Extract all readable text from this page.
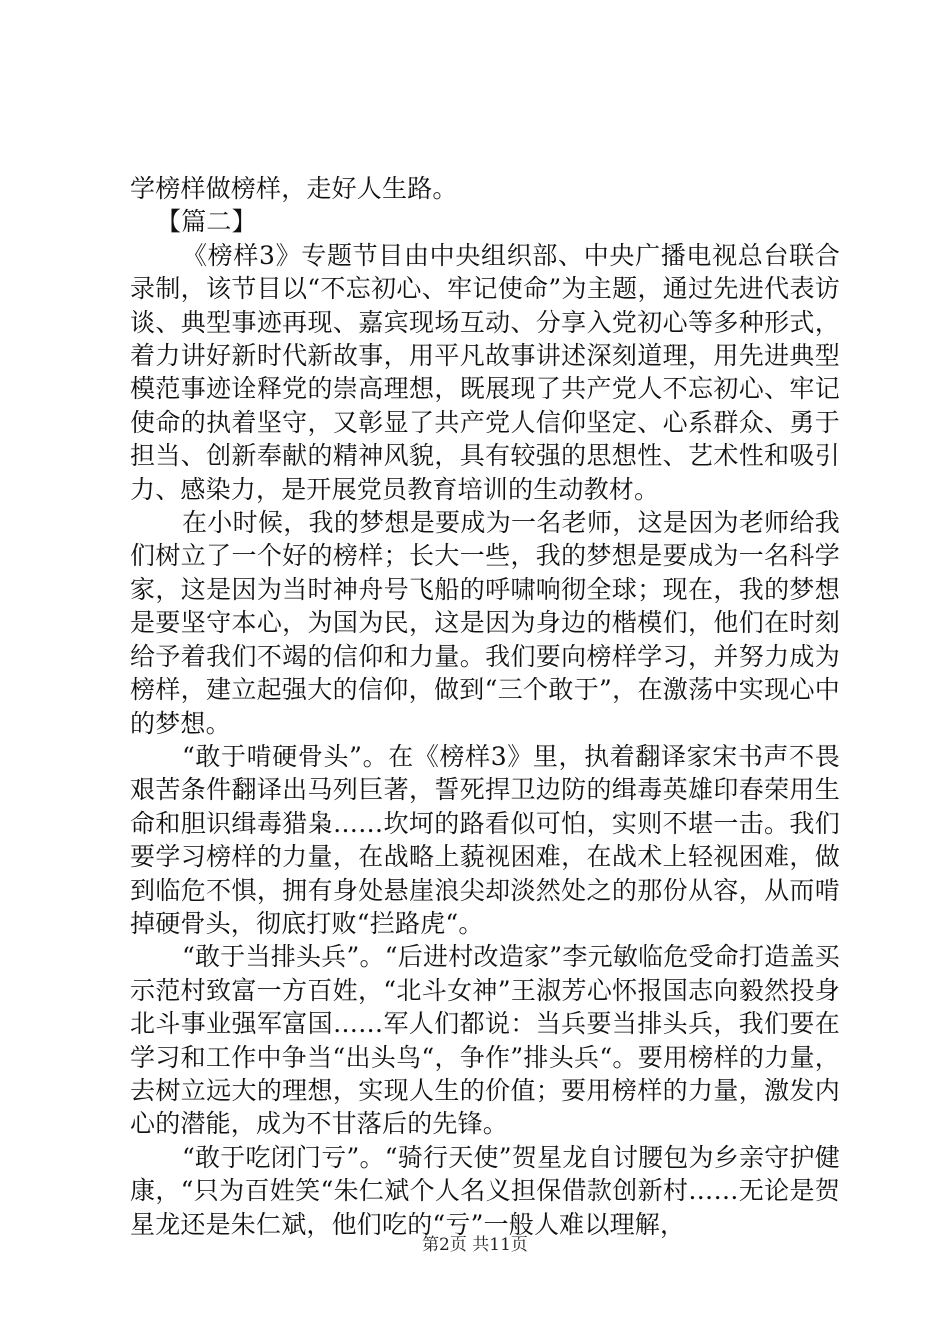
学榜样做榜样，走好人生路。

【篇二】

《榜样3》专题节目由中央组织部、中央广播电视总台联合录制，该节目以“不忘初心、牢记使命”为主题，通过先进代表访谈、典型事迹再现、嘉宾现场互动、分享入党初心等多种形式，着力讲好新时代新故事，用平凡故事讲述深刻道理，用先进典型模范事迹诠释党的崇高理想，既展现了共产党人不忘初心、牢记使命的执着坚守，又彰显了共产党人信仰坚定、心系群众、勇于担当、创新奉献的精神风貌，具有较强的思想性、艺术性和吸引力、感染力，是开展党员教育培训的生动教材。

在小时候，我的梦想是要成为一名老师，这是因为老师给我们树立了一个好的榜样；长大一些，我的梦想是要成为一名科学家，这是因为当时神舟号飞船的呼啸响彻全球；现在，我的梦想是要坚守本心，为国为民，这是因为身边的楷模们，他们在时刻给予着我们不竭的信仰和力量。我们要向榜样学习，并努力成为榜样，建立起强大的信仰，做到“三个敢于”，在激荡中实现心中的梦想。

“敢于啃硬骨头”。在《榜样3》里，执着翻译家宋书声不畏艰苦条件翻译出马列巨著，誓死捍卫边防的缉毒英雄印春荣用生命和胆识缉毒猎枭……坎坷的路看似可怕，实则不堪一击。我们要学习榜样的力量，在战略上藐视困难，在战术上轻视困难，做到临危不惧，拥有身处悬崖浪尖却淡然处之的那份从容，从而啃掉硬骨头，彻底打败“拦路虎“。

“敢于当排头兵”。“后进村改造家”李元敏临危受命打造盖买示范村致富一方百姓，“北斗女神”王淑芳心怀报国志向毅然投身北斗事业强军富国……军人们都说：当兵要当排头兵，我们要在学习和工作中争当“出头鸟“，争作”排头兵“。要用榜样的力量，去树立远大的理想，实现人生的价值；要用榜样的力量，激发内心的潜能，成为不甘落后的先锋。

“敢于吃闭门亏”。“骑行天使”贺星龙自讨腰包为乡亲守护健康，“只为百姓笑“朱仁斌个人名义担保借款创新村……无论是贺星龙还是朱仁斌，他们吃的“亏”一般人难以理解，

第2页 共11页
